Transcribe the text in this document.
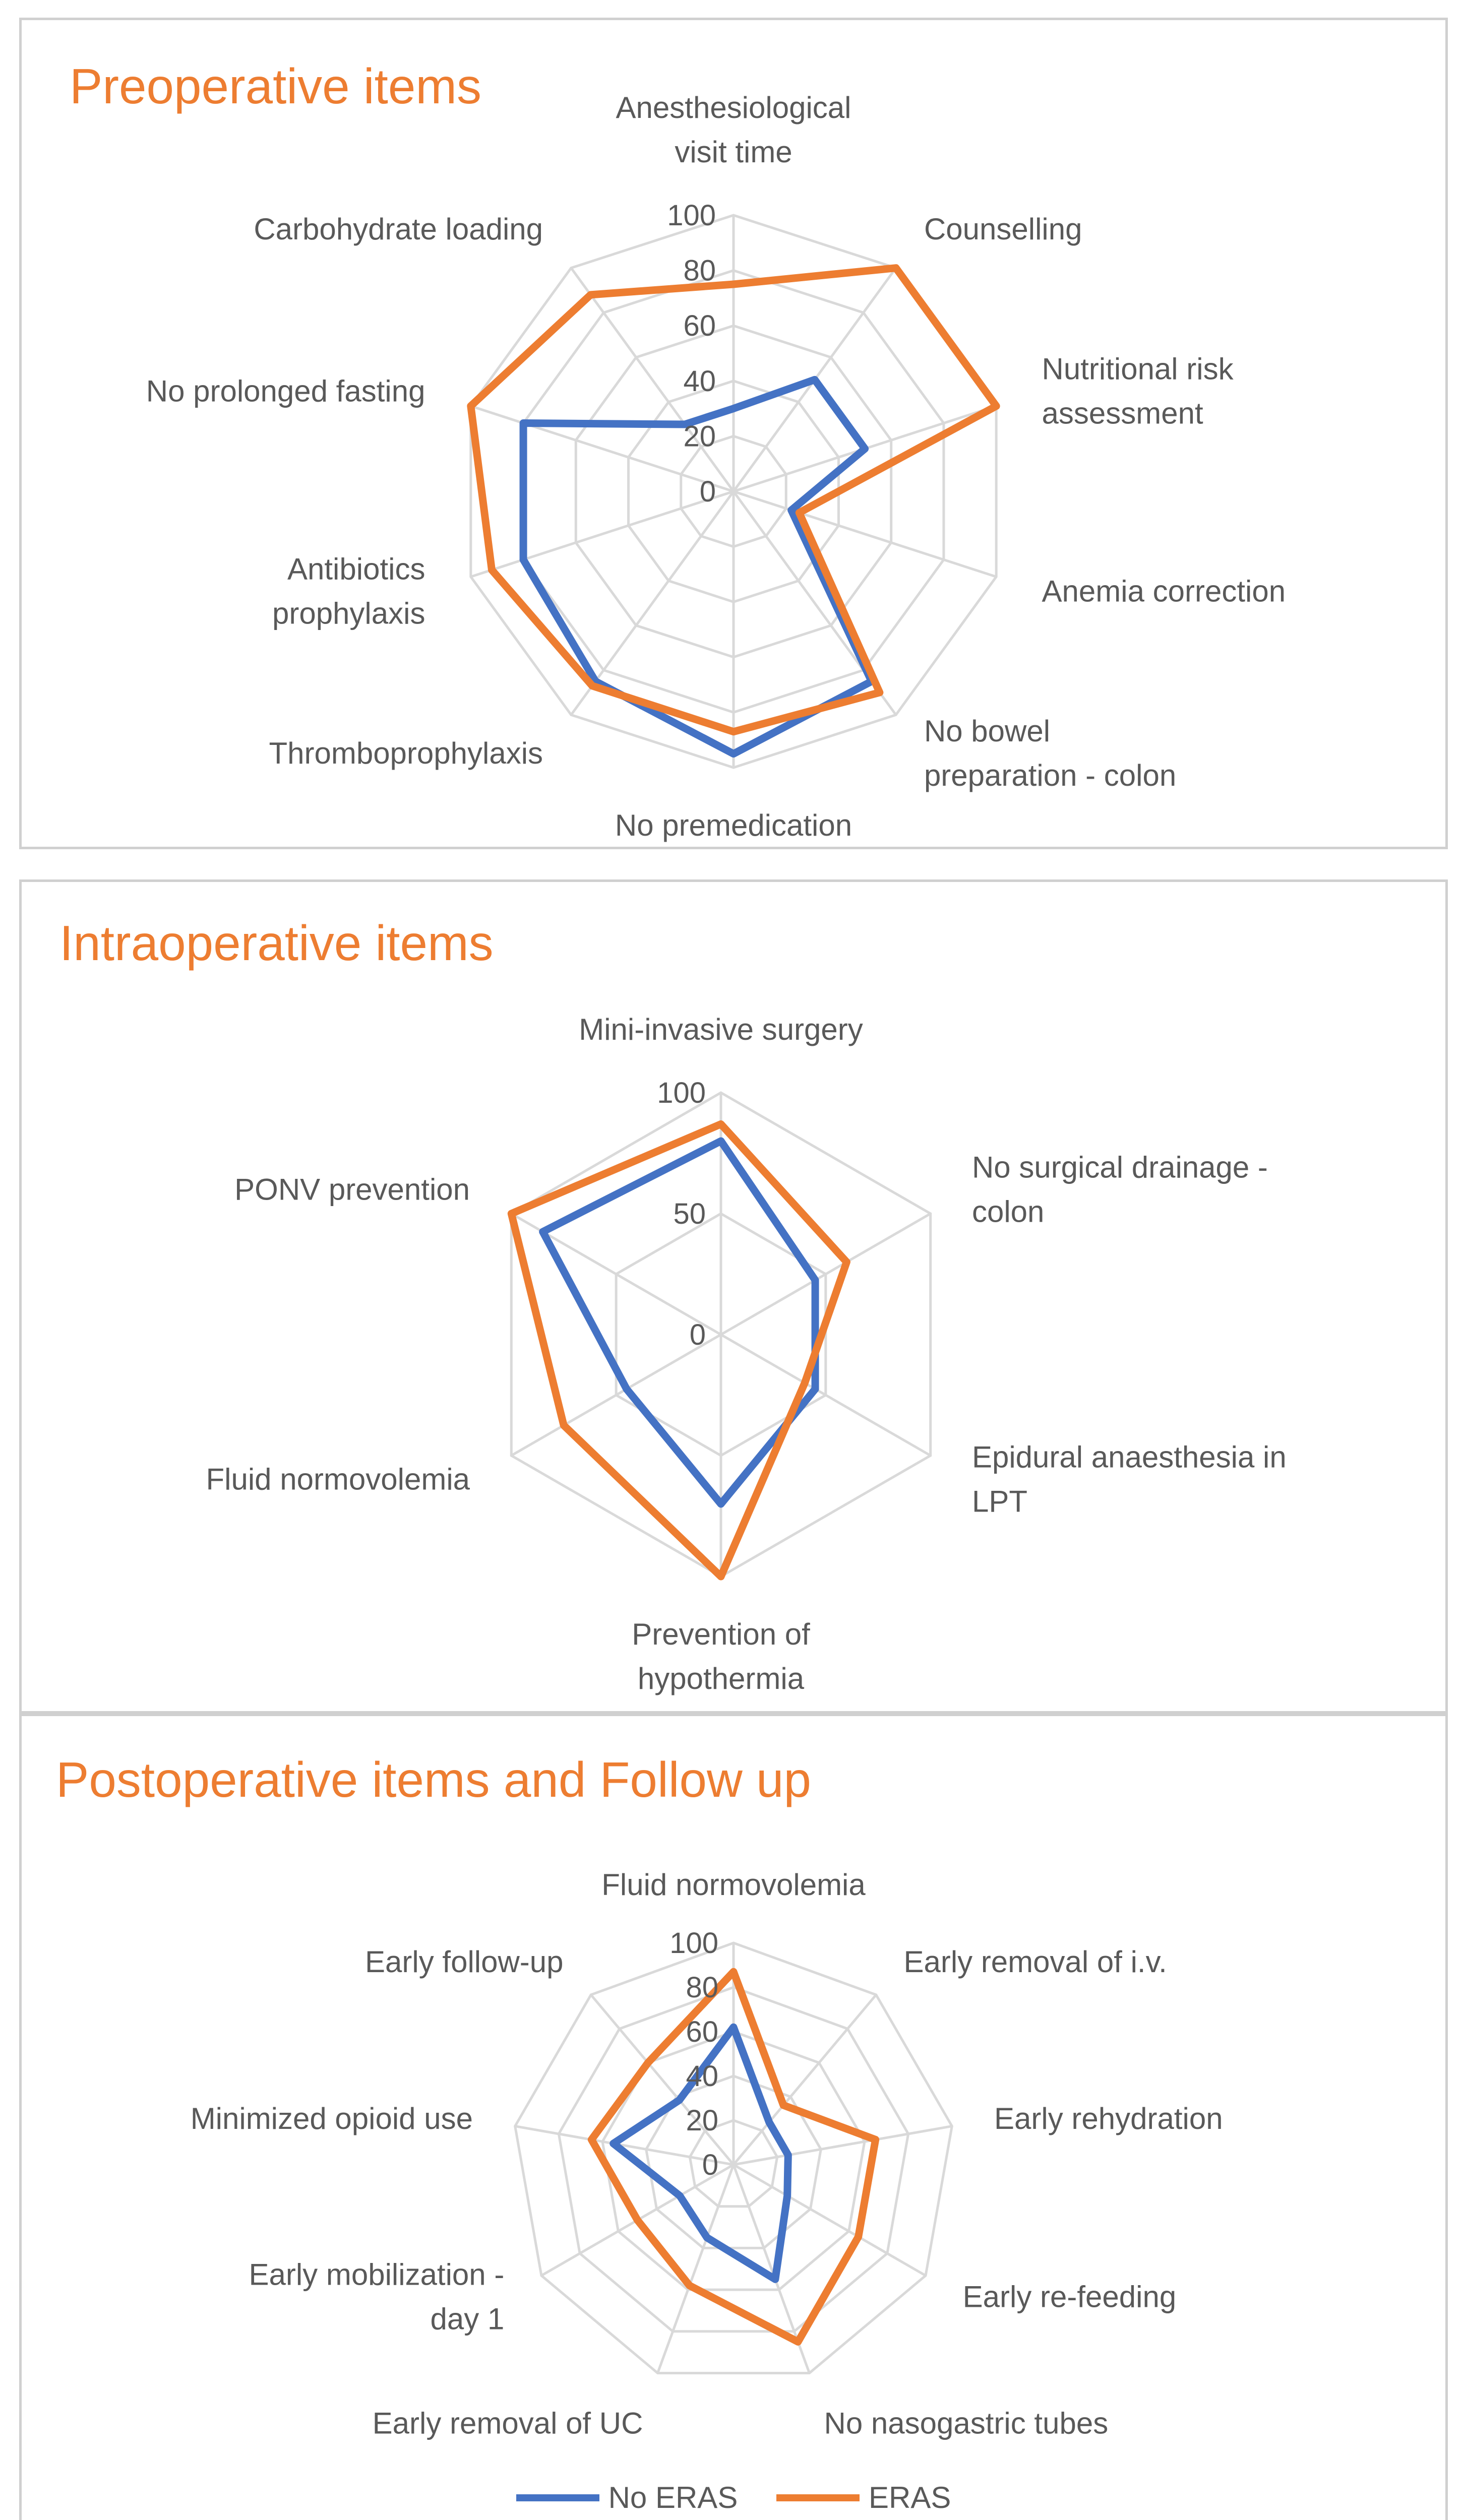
Preoperative items
0
20
40
60
80
100
Anesthesiological visit time
Counselling
Nutritional risk assessment
Anemia correction
No bowel preparation - colon
No premedication
Thromboprophylaxis
Antibiotics prophylaxis
No prolonged fasting
Carbohydrate loading
Intraoperative items
0
50
100
Mini-invasive surgery
No surgical drainage -colon
Epidural anaesthesia in LPT
Prevention of hypothermia
Fluid normovolemia
PONV prevention
Postoperative items and Follow up
0
20
40
60
80
100
Fluid normovolemia
Early removal of i.v.
Early rehydration
Early re-feeding
No nasogastric tubes
Early removal of UC
Early mobilization -day 1
Minimized opioid use
Early follow-up
No ERAS
	ERAS
